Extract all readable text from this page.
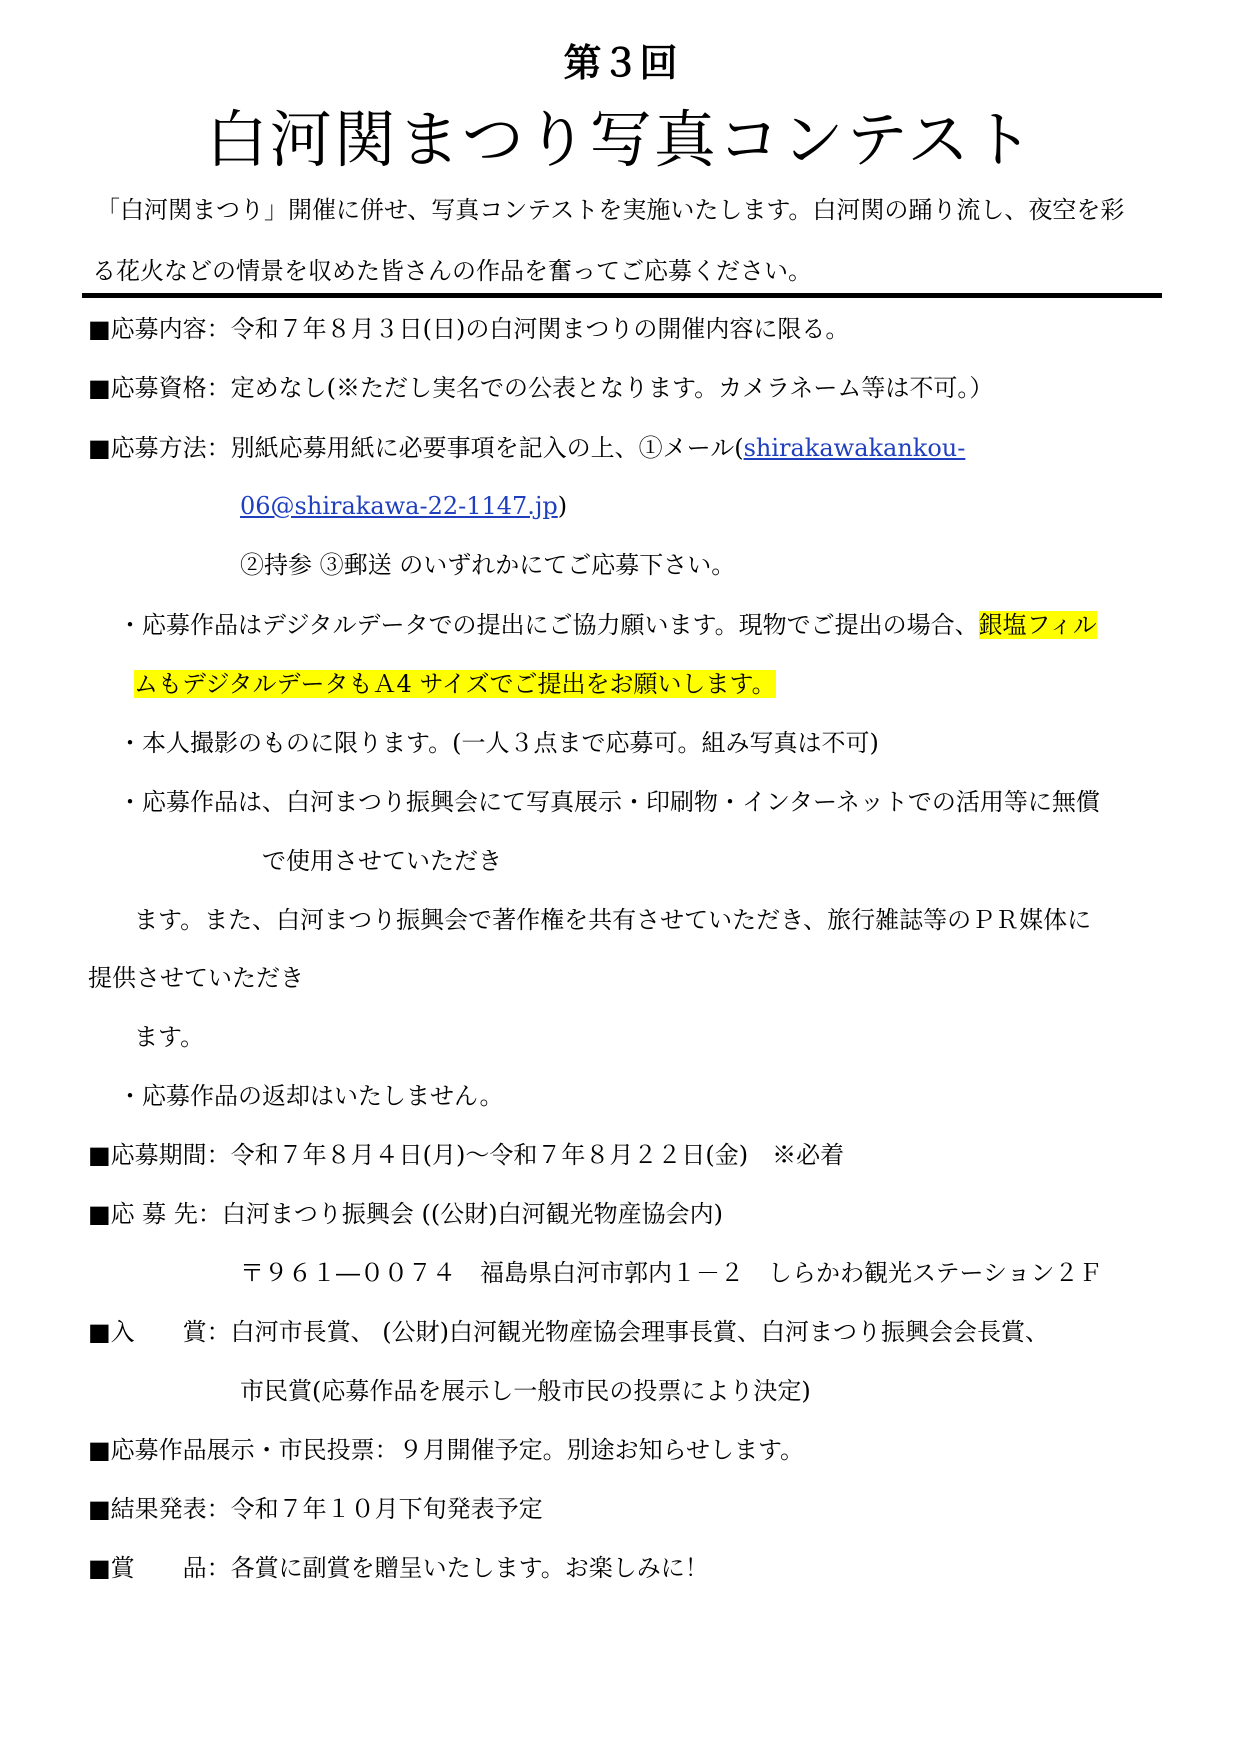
第３回
白河関まつり写真コンテスト
「白河関まつり」開催に併せ、写真コンテストを実施いたします。白河関の踊り流し、夜空を彩
る花火などの情景を収めた皆さんの作品を奮ってご応募ください。
■応募内容：令和７年８月３日(日)の白河関まつりの開催内容に限る。
■応募資格：定めなし(※ただし実名での公表となります。カメラネーム等は不可。）
■応募方法：別紙応募用紙に必要事項を記入の上、①メール(shirakawakankou-
06@shirakawa-22-1147.jp)
②持参 ③郵送 のいずれかにてご応募下さい。
・応募作品はデジタルデータでの提出にご協力願います。現物でご提出の場合、銀塩フィル
ムもデジタルデータもＡ4 サイズでご提出をお願いします。
・本人撮影のものに限ります。(一人３点まで応募可。組み写真は不可)
・応募作品は、白河まつり振興会にて写真展示・印刷物・インターネットでの活用等に無償
で使用させていただき
ます。また、白河まつり振興会で著作権を共有させていただき、旅行雑誌等のＰＲ媒体に
提供させていただき
ます。
・応募作品の返却はいたしません。
■応募期間：令和７年８月４日(月)～令和７年８月２２日(金)　※必着
■応 募 先：白河まつり振興会 ((公財)白河観光物産協会内)
〒９６１―００７４　福島県白河市郭内１－２　しらかわ観光ステーション２Ｆ
■入　　賞：白河市長賞、 (公財)白河観光物産協会理事長賞、白河まつり振興会会長賞、
市民賞(応募作品を展示し一般市民の投票により決定)
■応募作品展示・市民投票：９月開催予定。別途お知らせします。
■結果発表：令和７年１０月下旬発表予定
■賞　　品：各賞に副賞を贈呈いたします。お楽しみに！
